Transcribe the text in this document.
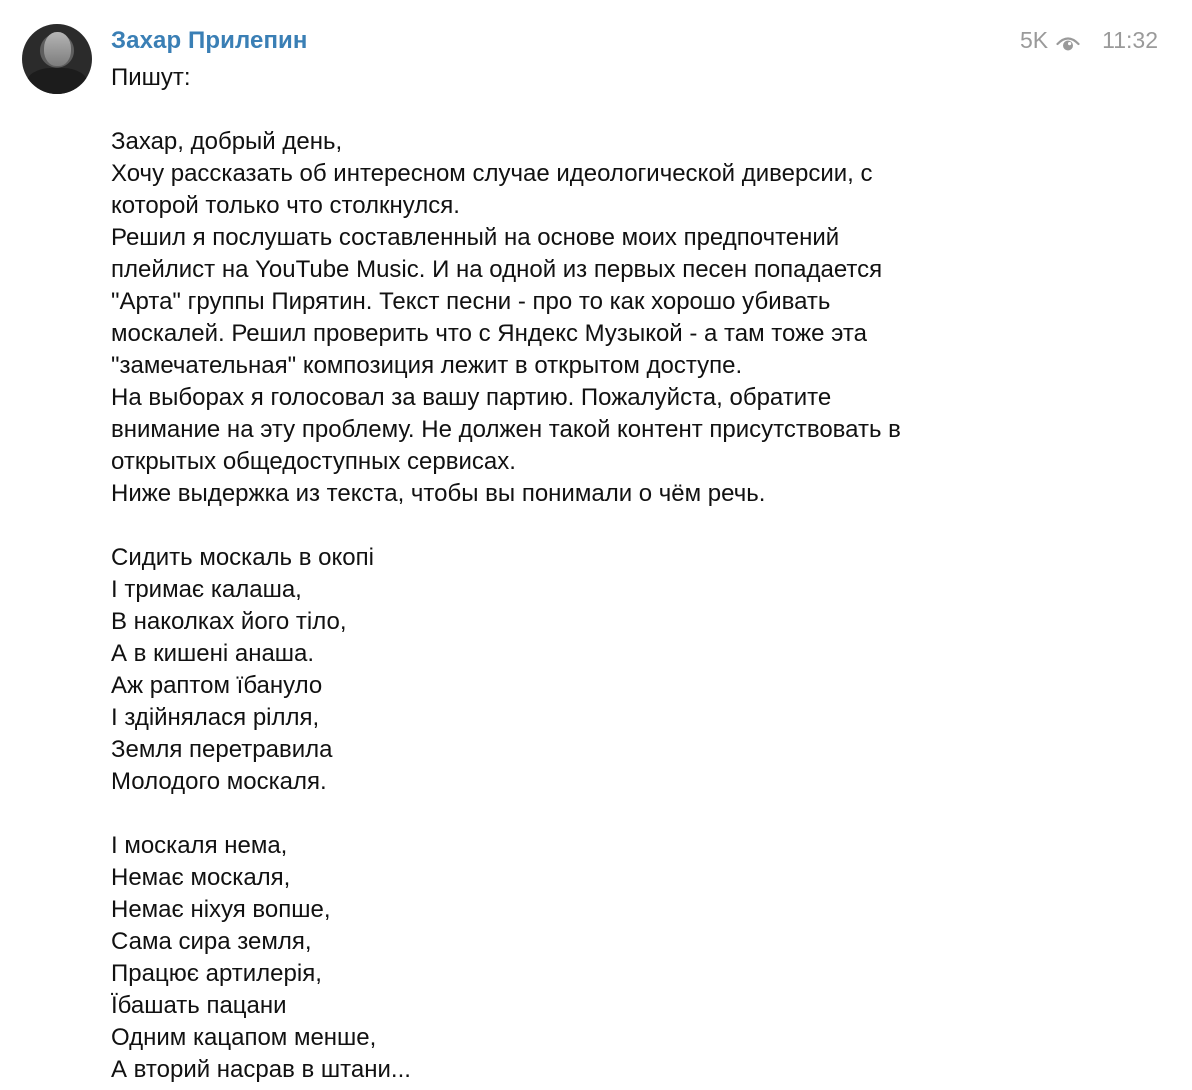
Захар Прилепин	5K 11:32
Пишут:
Захар, добрый день,
Хочу рассказать об интересном случае идеологической диверсии, с
которой только что столкнулся.
Решил я послушать составленный на основе моих предпочтений
плейлист на YouTube Music. И на одной из первых песен попадается
"Арта" группы Пирятин. Текст песни - про то как хорошо убивать
москалей. Решил проверить что с Яндекс Музыкой - а там тоже эта
"замечательная" композиция лежит в открытом доступе.
На выборах я голосовал за вашу партию. Пожалуйста, обратите
внимание на эту проблему. Не должен такой контент присутствовать в
открытых общедоступных сервисах.
Ниже выдержка из текста, чтобы вы понимали о чём речь.
Сидить москаль в окопі
І тримає калаша,
В наколках його тіло,
А в кишені анаша.
Аж раптом їбануло
І здійнялася рілля,
Земля перетравила
Молодого москаля.
І москаля нема,
Немає москаля,
Немає ніхуя вопше,
Сама сира земля,
Працює артилерія,
Їбашать пацани
Одним кацапом менше,
А вторий насрав в штани...
